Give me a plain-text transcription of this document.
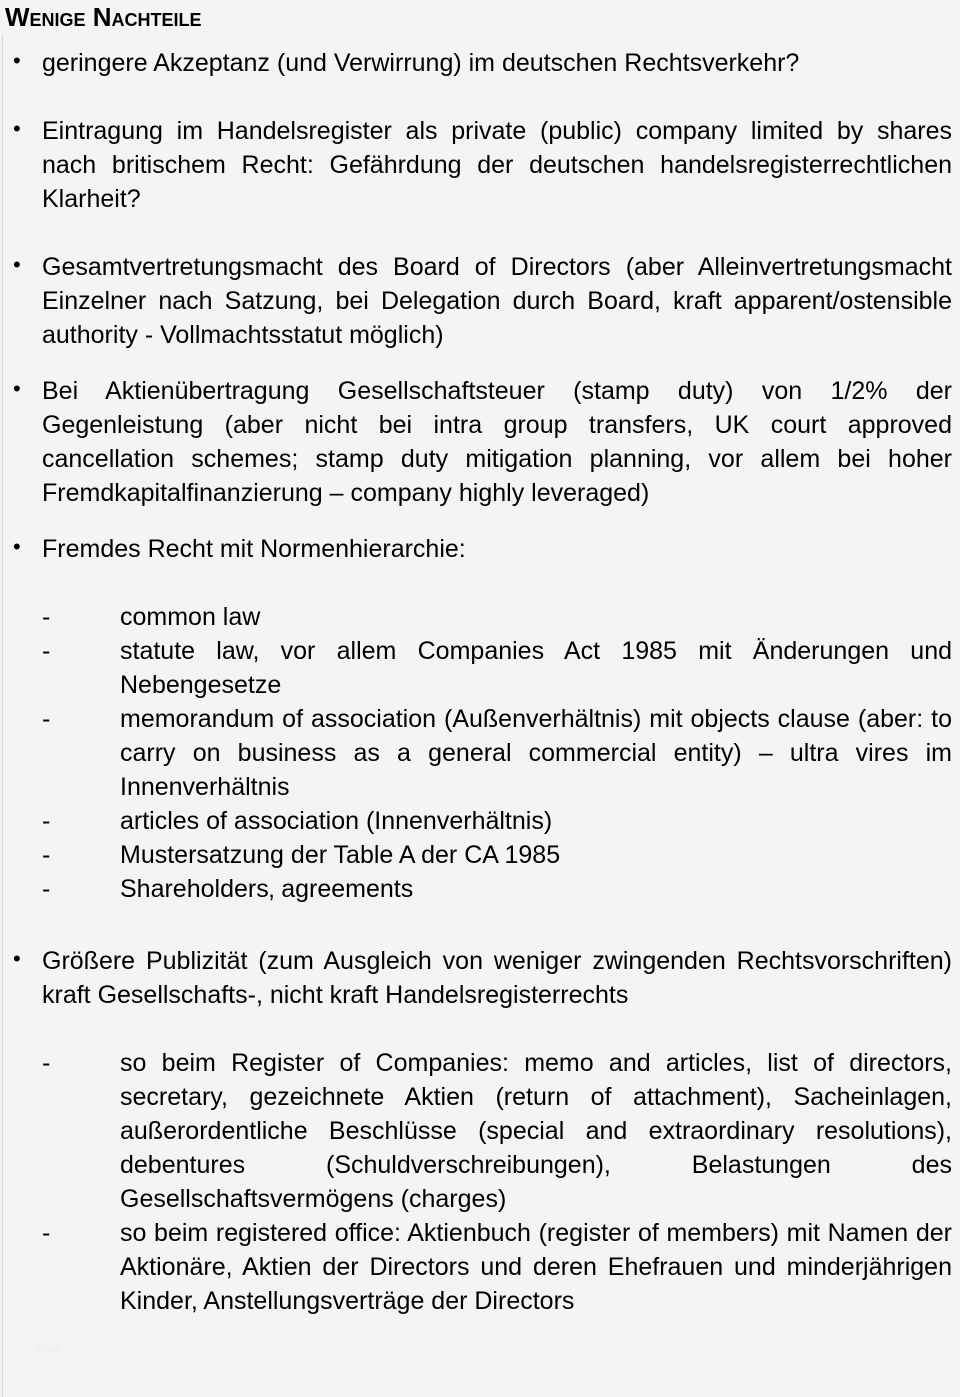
Wenige Nachteile

• geringere Akzeptanz (und Verwirrung) im deutschen Rechtsverkehr?

• Eintragung im Handelsregister als private (public) company limited by shares nach britischem Recht: Gefährdung der deutschen handelsregisterrechtlichen Klarheit?

• Gesamtvertretungsmacht des Board of Directors (aber Alleinvertretungsmacht Einzelner nach Satzung, bei Delegation durch Board, kraft apparent/ostensible authority - Vollmachtsstatut möglich)

• Bei Aktienübertragung Gesellschaftsteuer (stamp duty) von 1/2% der Gegenleistung (aber nicht bei intra group transfers, UK court approved cancellation schemes; stamp duty mitigation planning, vor allem bei hoher Fremdkapitalfinanzierung – company highly leveraged)

• Fremdes Recht mit Normenhierarchie:

- common law
- statute law, vor allem Companies Act 1985 mit Änderungen und Nebengesetze
- memorandum of association (Außenverhältnis) mit objects clause (aber: to carry on business as a general commercial entity) – ultra vires im Innenverhältnis
- articles of association (Innenverhältnis)
- Mustersatzung der Table A der CA 1985
- Shareholders‚ agreements

• Größere Publizität (zum Ausgleich von weniger zwingenden Rechtsvorschriften) kraft Gesellschafts-, nicht kraft Handelsregisterrechts

- so beim Register of Companies: memo and articles, list of directors, secretary, gezeichnete Aktien (return of attachment), Sacheinlagen, außerordentliche Beschlüsse (special and extraordinary resolutions), debentures (Schuldverschreibungen), Belastungen des Gesellschaftsvermögens (charges)
- so beim registered office: Aktienbuch (register of members) mit Namen der Aktionäre, Aktien der Directors und deren Ehefrauen und minderjährigen Kinder, Anstellungsverträge der Directors
blog
